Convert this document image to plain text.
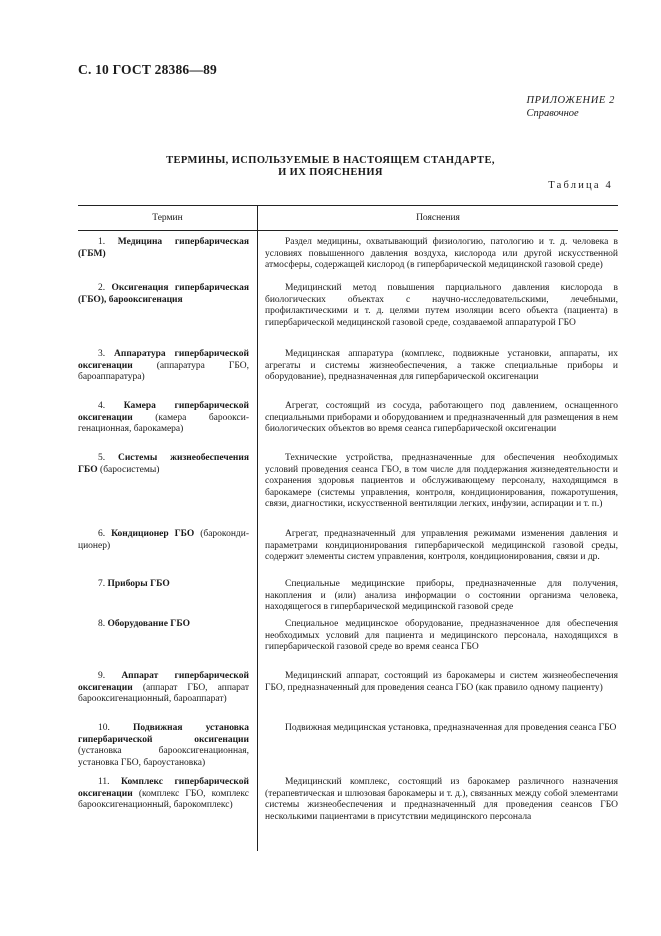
С. 10 ГОСТ 28386—89
ПРИЛОЖЕНИЕ 2
Справочное
ТЕРМИНЫ, ИСПОЛЬЗУЕМЫЕ В НАСТОЯЩЕМ СТАНДАРТЕ,
И ИХ ПОЯСНЕНИЯ
Таблица 4
Термин	Пояснения
1. Медицина гипербарическая (ГБМ)
Раздел медицины, охватывающий физиологию, патологию и т. д. человека в условиях повышенного давления воздуха, кислорода или другой искусственной атмосферы, содержащей кислород (в гипербарической медицинской газовой среде)
2. Оксигенация гипербарическая (ГБО), барооксигенация
Медицинский метод повышения парциального давления кислорода в биологических объектах с научно-исследовательскими, лечебными, профилактическими и т. д. целями путем изоляции всего объекта (пациента) в гипербарической медицинской газовой среде, создаваемой аппаратурой ГБО
3. Аппаратура гипербарической оксигенации	(аппаратура ГБО, бароаппаратура)
Медицинская аппаратура (комплекс, подвижные установки, аппараты, их агрегаты и системы жизнеобеспечения, а также специальные приборы и оборудование), предназначенная для гипербарической оксигенации
4. Камера гипербарической оксигенации (камера барооксигенационная, барокамера)
Агрегат, состоящий из сосуда, работающего под давлением, оснащенного специальными приборами и оборудованием и предназначенный для размещения в нем биологических объектов во время сеанса гипербарической оксигенации
5. Системы жизнеобеспечения ГБО (баросистемы)
Технические устройства, предназначенные для обеспечения необходимых условий проведения сеанса ГБО, в том числе для поддержания жизнедеятельности и сохранения здоровья пациентов и обслуживающему персоналу, находящимся в барокамере (системы управления, контроля, кондиционирования, пожаротушения, связи, диагностики, искусственной вентиляции легких, инфузии, аспирации и т. п.)
6. Кондиционер ГБО (барокондиционер)
Агрегат, предназначенный для управления режимами изменения давления и параметрами кондиционирования гипербарической медицинской газовой среды, содержит элементы систем управления, контроля, кондиционирования, связи и др.
7. Приборы ГБО	Специальные медицинские приборы, предназначенные для получения, накопления и (или) анализа информации о состоянии организма человека, находящегося в гипербарической медицинской газовой среде
8. Оборудование ГБО	Специальное медицинское оборудование, предназначенное для обеспечения необходимых условий для пациента и медицинского персонала, находящихся в гипербарической газовой среде во время сеанса ГБО
9. Аппарат гипербарической оксигенации (аппарат ГБО, аппарат барооксигенационный, бароаппарат)
Медицинский аппарат, состоящий из барокамеры и систем жизнеобеспечения ГБО, предназначенный для проведения сеанса ГБО (как правило одному пациенту)
10. Подвижная установка гипербарической оксигенации (установка барооксигенационная, установка ГБО, бароустановка)
Подвижная медицинская установка, предназначенная для проведения сеанса ГБО
11. Комплекс гипербарической оксигенации (комплекс ГБО, комплекс барооксигенационный, барокомплекс)
Медицинский комплекс, состоящий из барокамер различного назначения (терапевтическая и шлюзовая барокамеры и т. д.), связанных между собой элементами системы жизнеобеспечения и предназначенный для проведения сеансов ГБО несколькими пациентами в присутствии медицинского персонала
